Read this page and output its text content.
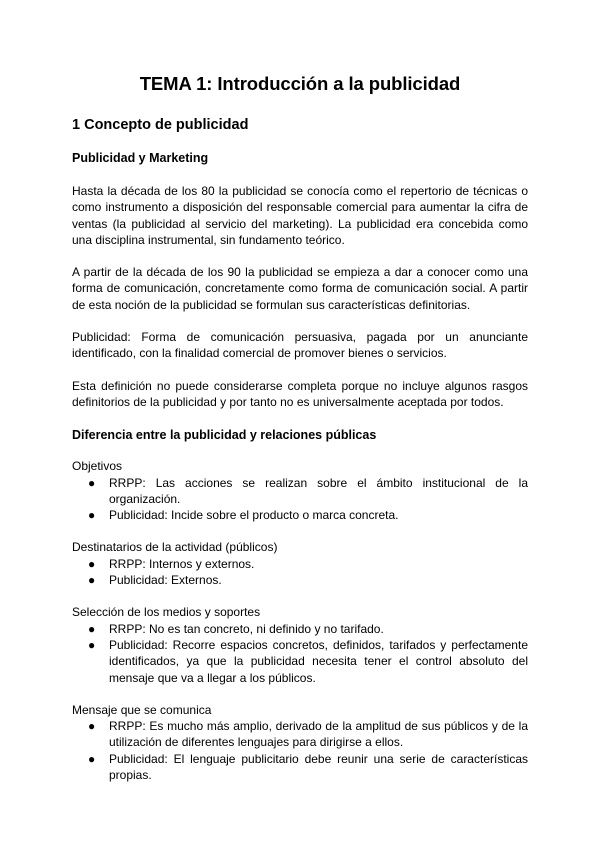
TEMA 1: Introducción a la publicidad
1 Concepto de publicidad
Publicidad y Marketing

Hasta la década de los 80 la publicidad se conocía como el repertorio de técnicas o como instrumento a disposición del responsable comercial para aumentar la cifra de ventas (la publicidad al servicio del marketing). La publicidad era concebida como una disciplina instrumental, sin fundamento teórico.

A partir de la década de los 90 la publicidad se empieza a dar a conocer como una forma de comunicación, concretamente como forma de comunicación social. A partir de esta noción de la publicidad se formulan sus características definitorias.

Publicidad: Forma de comunicación persuasiva, pagada por un anunciante identificado, con la finalidad comercial de promover bienes o servicios.

Esta definición no puede considerarse completa porque no incluye algunos rasgos definitorios de la publicidad y por tanto no es universalmente aceptada por todos.

Diferencia entre la publicidad y relaciones públicas

Objetivos

● RRPP: Las acciones se realizan sobre el ámbito institucional de la organización.
● Publicidad: Incide sobre el producto o marca concreta.

Destinatarios de la actividad (públicos)

● RRPP: Internos y externos.
● Publicidad: Externos.

Selección de los medios y soportes

● RRPP: No es tan concreto, ni definido y no tarifado.
● Publicidad: Recorre espacios concretos, definidos, tarifados y perfectamente identificados, ya que la publicidad necesita tener el control absoluto del mensaje que va a llegar a los públicos.

Mensaje que se comunica

● RRPP: Es mucho más amplio, derivado de la amplitud de sus públicos y de la utilización de diferentes lenguajes para dirigirse a ellos.
● Publicidad: El lenguaje publicitario debe reunir una serie de características propias.
